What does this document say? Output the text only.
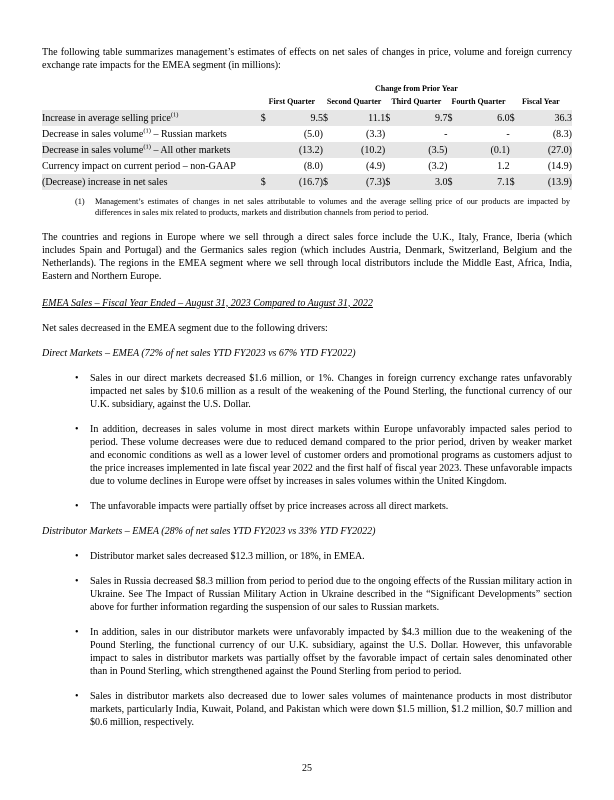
The following table summarizes management’s estimates of effects on net sales of changes in price, volume and foreign currency exchange rate impacts for the EMEA segment (in millions):

	Change from Prior Year									
	First Quarter		Second Quarter		Third Quarter		Fourth Quarter		Fiscal Year	
Increase in average selling price$^{(1)}$	$	9.5	$	11.1	$	9.7	$	6.0	$	36.3
Decrease in sales volume$^{(1)}$ – Russian markets		(5.0)		(3.3)		-		-		(8.3)
Decrease in sales volume$^{(1)}$ – All other markets		(13.2)		(10.2)		(3.5)		(0.1)		(27.0)
Currency impact on current period – non-GAAP		(8.0)		(4.9)		(3.2)		1.2		(14.9)
(Decrease) increase in net sales	$	(16.7)	$	(7.3)	$	3.0	$	7.1	$	(13.9)
(1)	Management’s estimates of changes in net sales attributable to volumes and the average selling price of our products are impacted by differences in sales mix related to products, markets and distribution channels from period to period.

The countries and regions in Europe where we sell through a direct sales force include the U.K., Italy, France, Iberia (which includes Spain and Portugal) and the Germanics sales region (which includes Austria, Denmark, Switzerland, Belgium and the Netherlands). The regions in the EMEA segment where we sell through local distributors include the Middle East, Africa, India, Eastern and Northern Europe.

EMEA Sales – Fiscal Year Ended – August 31, 2023 Compared to August 31, 2022

Net sales decreased in the EMEA segment due to the following drivers:

Direct Markets – EMEA (72% of net sales YTD FY2023 vs 67% YTD FY2022)
•	Sales in our direct markets decreased $1.6 million, or 1%. Changes in foreign currency exchange rates unfavorably impacted net sales by $10.6 million as a result of the weakening of the Pound Sterling, the functional currency of our U.K. subsidiary, against the U.S. Dollar.
•	In addition, decreases in sales volume in most direct markets within Europe unfavorably impacted sales period to period. These volume decreases were due to reduced demand compared to the prior period, driven by weaker market and economic conditions as well as a lower level of customer orders and promotional programs as customers adjust to the price increases implemented in late fiscal year 2022 and the first half of fiscal year 2023. These unfavorable impacts due to volume declines in Europe were offset by increases in sales volumes within the United Kingdom.
•	The unfavorable impacts were partially offset by price increases across all direct markets.
Distributor Markets – EMEA (28% of net sales YTD FY2023 vs 33% YTD FY2022)
•	Distributor market sales decreased $12.3 million, or 18%, in EMEA.
•	Sales in Russia decreased $8.3 million from period to period due to the ongoing effects of the Russian military action in Ukraine. See The Impact of Russian Military Action in Ukraine described in the “Significant Developments” section above for further information regarding the suspension of our sales to Russian markets.
•	In addition, sales in our distributor markets were unfavorably impacted by $4.3 million due to the weakening of the Pound Sterling, the functional currency of our U.K. subsidiary, against the U.S. Dollar. However, this unfavorable impact to sales in distributor markets was partially offset by the favorable impact of certain sales denominated other than in Pound Sterling, which strengthened against the Pound Sterling from period to period.
•	Sales in distributor markets also decreased due to lower sales volumes of maintenance products in most distributor markets, particularly India, Kuwait, Poland, and Pakistan which were down $1.5 million, $1.2 million, $0.7 million and $0.6 million, respectively.
25
